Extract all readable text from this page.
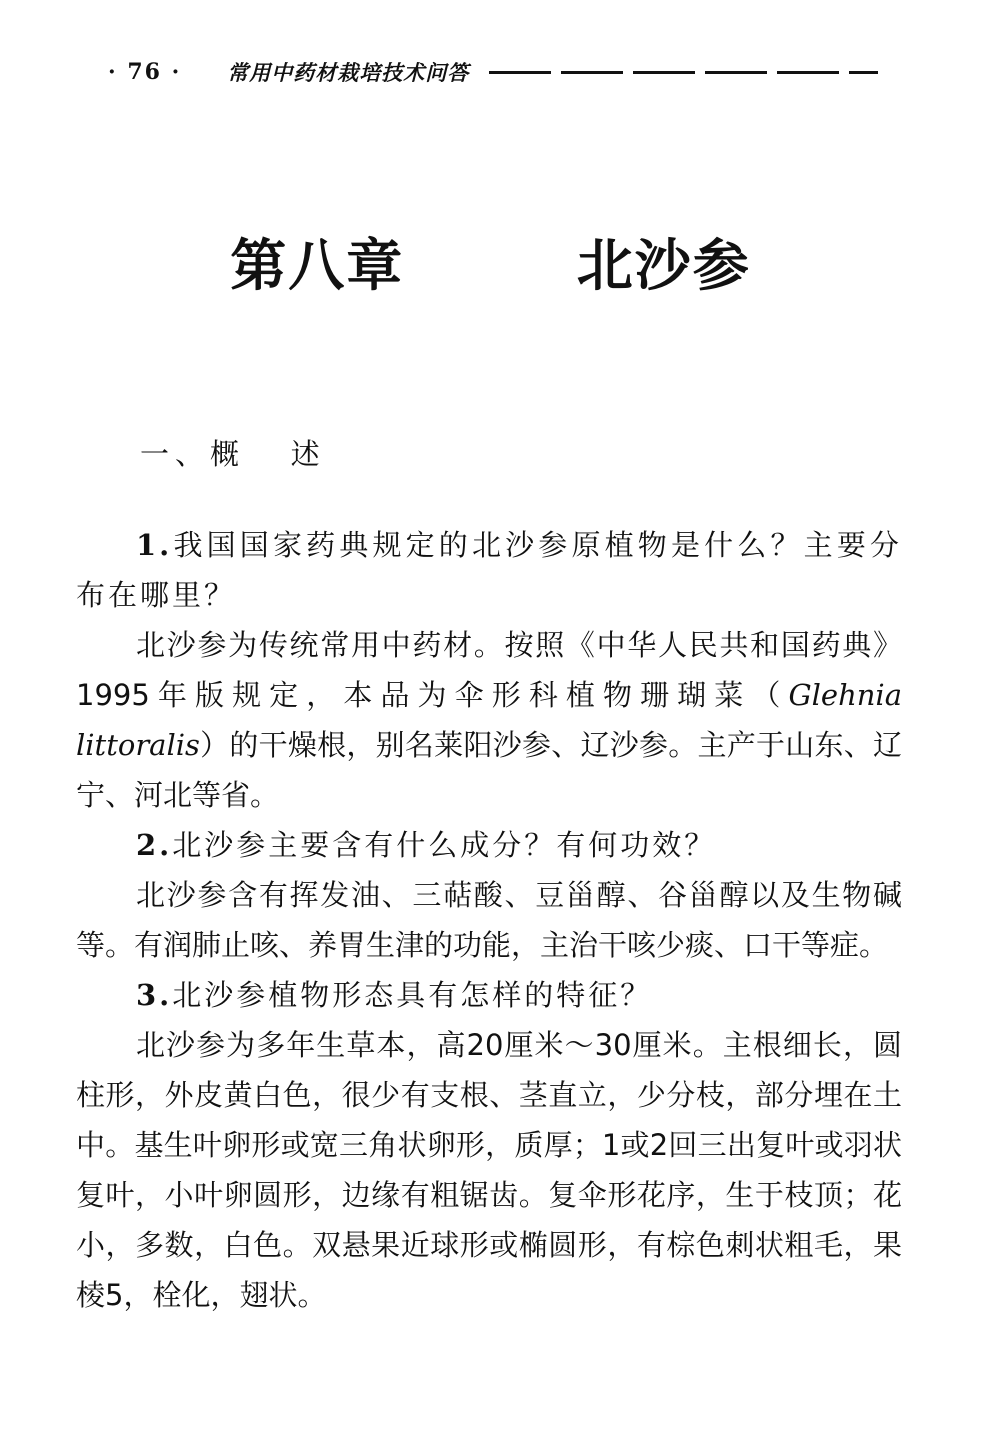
· 76 · 常用中药材栽培技术问答
第八章   北沙参
一、概   述

1.我国国家药典规定的北沙参原植物是什么？主要分布在哪里？

北沙参为传统常用中药材。按照《中华人民共和国药典》1995年版规定，本品为伞形科植物珊瑚菜（Glehnia littoralis）的干燥根，别名莱阳沙参、辽沙参。主产于山东、辽宁、河北等省。

2.北沙参主要含有什么成分？有何功效？

北沙参含有挥发油、三萜酸、豆甾醇、谷甾醇以及生物碱等。有润肺止咳、养胃生津的功能，主治干咳少痰、口干等症。

3.北沙参植物形态具有怎样的特征？

北沙参为多年生草本，高20厘米～30厘米。主根细长，圆柱形，外皮黄白色，很少有支根、茎直立，少分枝，部分埋在土中。基生叶卵形或宽三角状卵形，质厚；1或2回三出复叶或羽状复叶，小叶卵圆形，边缘有粗锯齿。复伞形花序，生于枝顶；花小，多数，白色。双悬果近球形或椭圆形，有棕色刺状粗毛，果棱5，栓化，翅状。
